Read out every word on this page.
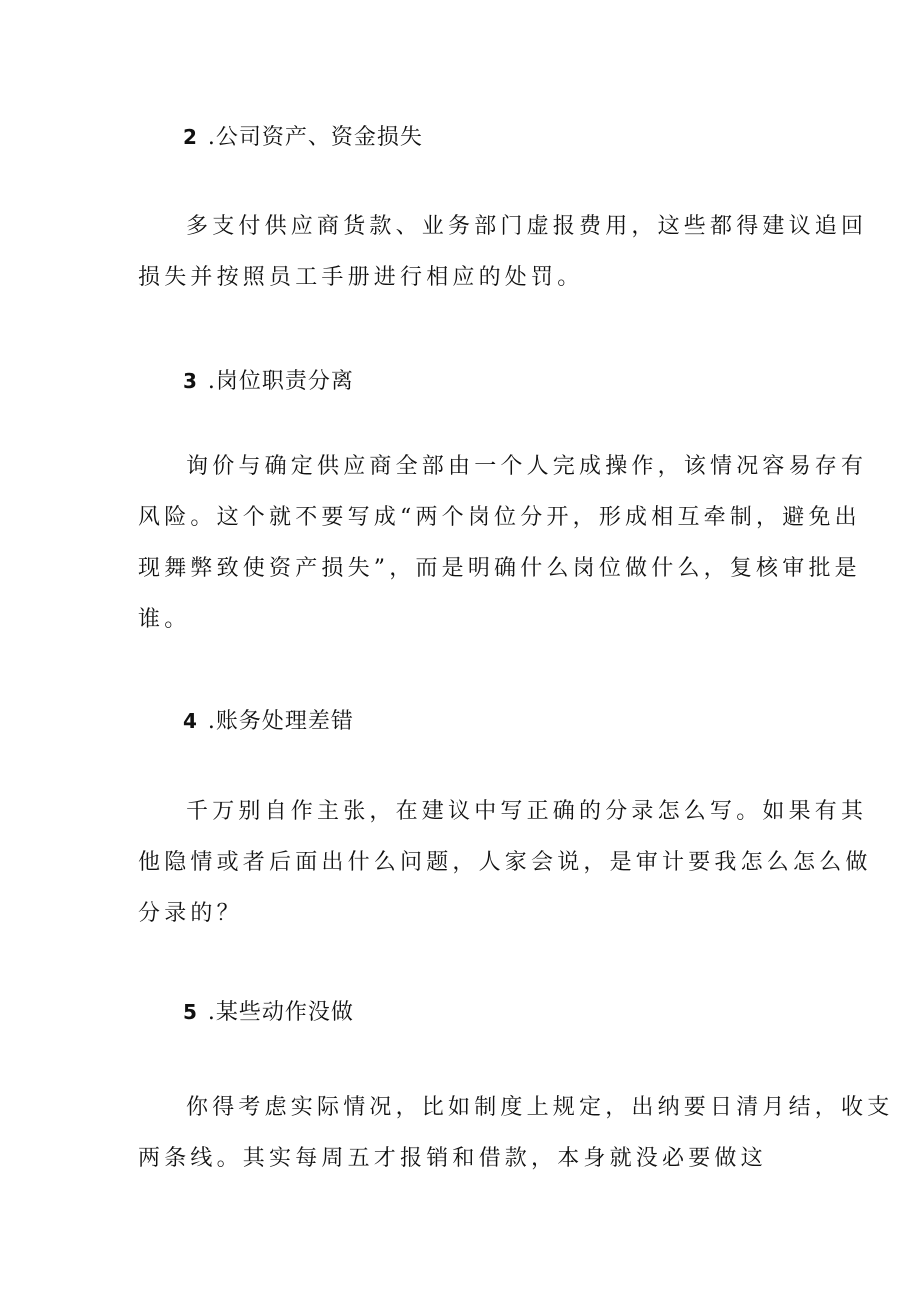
2 .公司资产、资金损失
多支付供应商货款、业务部门虚报费用，这些都得建议追回
损失并按照员工手册进行相应的处罚。
3 .岗位职责分离
询价与确定供应商全部由一个人完成操作，该情况容易存有
风险。这个就不要写成“两个岗位分开，形成相互牵制，避免出
现舞弊致使资产损失”，而是明确什么岗位做什么，复核审批是
谁。
4 .账务处理差错
千万别自作主张，在建议中写正确的分录怎么写。如果有其
他隐情或者后面出什么问题，人家会说，是审计要我怎么怎么做
分录的？
5 .某些动作没做
你得考虑实际情况，比如制度上规定，出纳要日清月结，收支
两条线。其实每周五才报销和借款，本身就没必要做这
